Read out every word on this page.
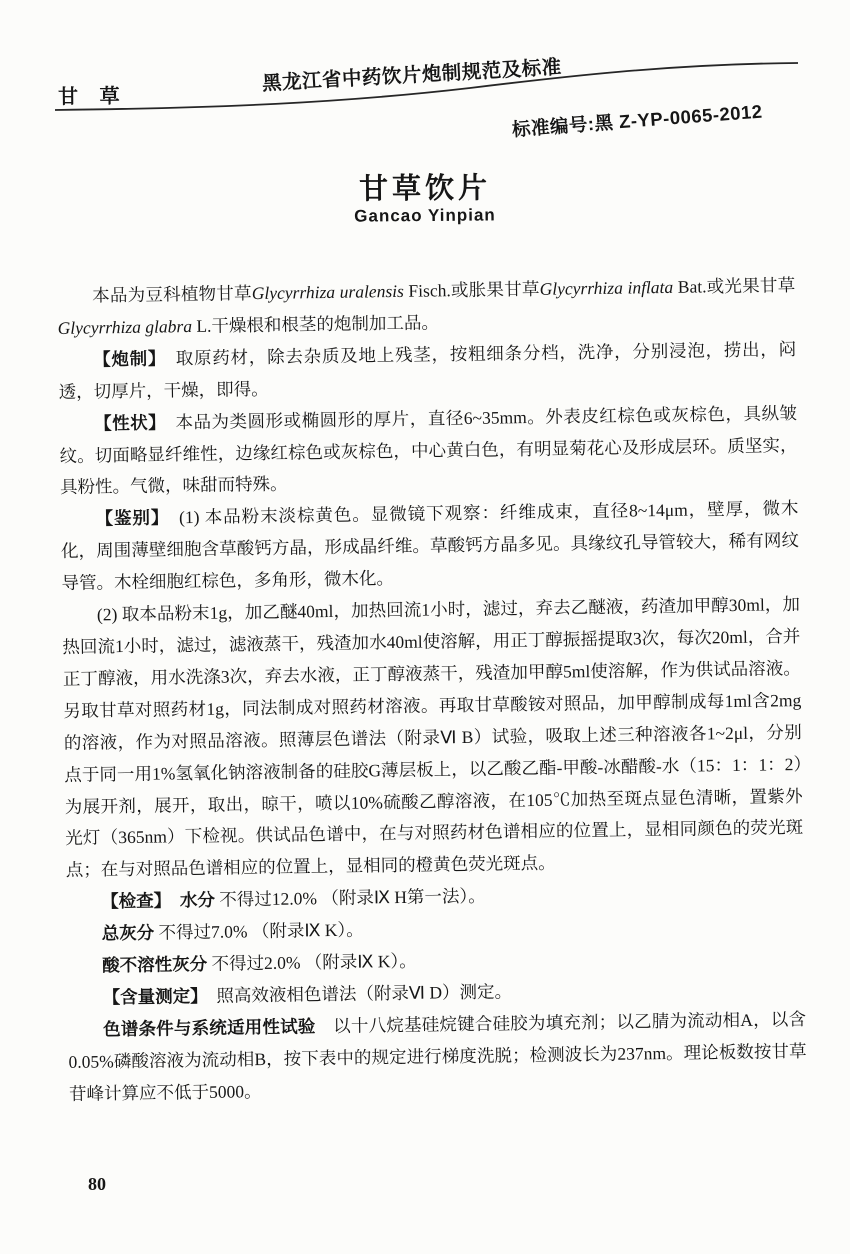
甘 草
黑龙江省中药饮片炮制规范及标准
标准编号:黑 Z-YP-0065-2012
甘草饮片
Gancao Yinpian

本品为豆科植物甘草Glycyrrhiza uralensis Fisch.或胀果甘草Glycyrrhiza inflata Bat.或光果甘草Glycyrrhiza glabra L.干燥根和根茎的炮制加工品。

【炮制】　取原药材，除去杂质及地上残茎，按粗细条分档，洗净，分别浸泡，捞出，闷透，切厚片，干燥，即得。

【性状】　本品为类圆形或椭圆形的厚片，直径6~35mm。外表皮红棕色或灰棕色，具纵皱纹。切面略显纤维性，边缘红棕色或灰棕色，中心黄白色，有明显菊花心及形成层环。质坚实，具粉性。气微，味甜而特殊。

【鉴别】　(1) 本品粉末淡棕黄色。显微镜下观察：纤维成束，直径8~14μm，壁厚，微木化，周围薄壁细胞含草酸钙方晶，形成晶纤维。草酸钙方晶多见。具缘纹孔导管较大，稀有网纹导管。木栓细胞红棕色，多角形，微木化。

(2) 取本品粉末1g，加乙醚40ml，加热回流1小时，滤过，弃去乙醚液，药渣加甲醇30ml，加热回流1小时，滤过，滤液蒸干，残渣加水40ml使溶解，用正丁醇振摇提取3次，每次20ml，合并正丁醇液，用水洗涤3次，弃去水液，正丁醇液蒸干，残渣加甲醇5ml使溶解，作为供试品溶液。另取甘草对照药材1g，同法制成对照药材溶液。再取甘草酸铵对照品，加甲醇制成每1ml含2mg的溶液，作为对照品溶液。照薄层色谱法（附录Ⅵ B）试验，吸取上述三种溶液各1~2μl，分别点于同一用1%氢氧化钠溶液制备的硅胶G薄层板上，以乙酸乙酯-甲酸-冰醋酸-水（15：1：1：2）为展开剂，展开，取出，晾干，喷以10%硫酸乙醇溶液，在105℃加热至斑点显色清晰，置紫外光灯（365nm）下检视。供试品色谱中，在与对照药材色谱相应的位置上，显相同颜色的荧光斑点；在与对照品色谱相应的位置上，显相同的橙黄色荧光斑点。

【检查】　 水分 不得过12.0% （附录Ⅸ H第一法）。

总灰分 不得过7.0% （附录Ⅸ K）。

酸不溶性灰分 不得过2.0% （附录Ⅸ K）。

【含量测定】　照高效液相色谱法（附录Ⅵ D）测定。

色谱条件与系统适用性试验　以十八烷基硅烷键合硅胶为填充剂；以乙腈为流动相A，以含0.05%磷酸溶液为流动相B，按下表中的规定进行梯度洗脱；检测波长为237nm。理论板数按甘草苷峰计算应不低于5000。

80
